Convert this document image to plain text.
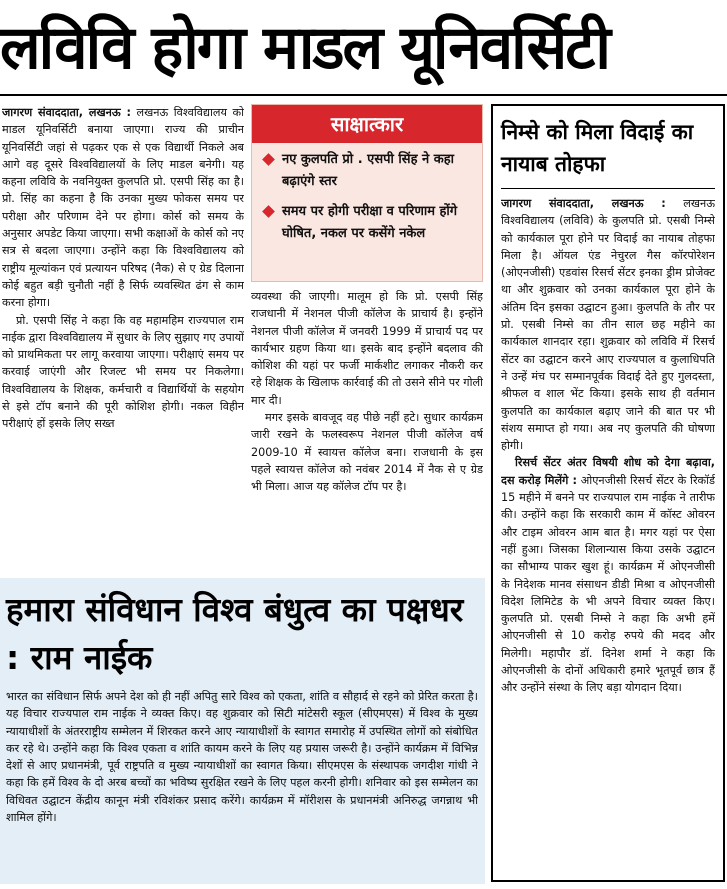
लविवि होगा माडल यूनिवर्सिटी

जागरण संवाददाता, लखनऊ : लखनऊ विश्वविद्यालय को माडल यूनिवर्सिटी बनाया जाएगा। राज्य की प्राचीन यूनिवर्सिटी जहां से पढ़कर एक से एक विद्यार्थी निकले अब आगे वह दूसरे विश्वविद्यालयों के लिए माडल बनेगी। यह कहना लविवि के नवनियुक्त कुलपति प्रो. एसपी सिंह का है। प्रो. सिंह का कहना है कि उनका मुख्य फोकस समय पर परीक्षा और परिणाम देने पर होगा। कोर्स को समय के अनुसार अपडेट किया जाएगा। सभी कक्षाओं के कोर्स को नए सत्र से बदला जाएगा। उन्होंने कहा कि विश्वविद्यालय को राष्ट्रीय मूल्यांकन एवं प्रत्यायन परिषद (नैक) से ए ग्रेड दिलाना कोई बहुत बड़ी चुनौती नहीं है सिर्फ व्यवस्थित ढंग से काम करना होगा।

प्रो. एसपी सिंह ने कहा कि वह महामहिम राज्यपाल राम नाईक द्वारा विश्वविद्यालय में सुधार के लिए सुझाए गए उपायों को प्राथमिकता पर लागू करवाया जाएगा। परीक्षाएं समय पर करवाई जाएंगी और रिजल्ट भी समय पर निकलेगा। विश्वविद्यालय के शिक्षक, कर्मचारी व विद्यार्थियों के सहयोग से इसे टॉप बनाने की पूरी कोशिश होगी। नकल विहीन परीक्षाएं हों इसके लिए सख्त

साक्षात्कार
नए कुलपति प्रो . एसपी सिंह ने कहा बढ़ाएंगे स्तर
समय पर होगी परीक्षा व परिणाम होंगे घोषित, नकल पर कसेंगे नकेल

व्यवस्था की जाएगी। मालूम हो कि प्रो. एसपी सिंह राजधानी में नेशनल पीजी कॉलेज के प्राचार्य है। इन्होंने नेशनल पीजी कॉलेज में जनवरी 1999 में प्राचार्य पद पर कार्यभार ग्रहण किया था। इसके बाद इन्होंने बदलाव की कोशिश की यहां पर फर्जी मार्कशीट लगाकर नौकरी कर रहे शिक्षक के खिलाफ कार्रवाई की तो उसने सीने पर गोली मार दी।

मगर इसके बावजूद वह पीछे नहीं हटे। सुधार कार्यक्रम जारी रखने के फलस्वरूप नेशनल पीजी कॉलेज वर्ष 2009-10 में स्वायत्त कॉलेज बना। राजधानी के इस पहले स्वायत्त कॉलेज को नवंबर 2014 में नैक से ए ग्रेड भी मिला। आज यह कॉलेज टॉप पर है।

निम्से को मिला विदाई का नायाब तोहफा

जागरण संवाददाता, लखनऊ : लखनऊ विश्वविद्यालय (लविवि) के कुलपति प्रो. एसबी निम्से को कार्यकाल पूरा होने पर विदाई का नायाब तोहफा मिला है। ऑयल एंड नेचुरल गैस कॉरपोरेशन (ओएनजीसी) एडवांस रिसर्च सेंटर इनका ड्रीम प्रोजेक्ट था और शुक्रवार को उनका कार्यकाल पूरा होने के अंतिम दिन इसका उद्घाटन हुआ। कुलपति के तौर पर प्रो. एसबी निम्से का तीन साल छह महीने का कार्यकाल शानदार रहा। शुक्रवार को लविवि में रिसर्च सेंटर का उद्घाटन करने आए राज्यपाल व कुलाधिपति ने उन्हें मंच पर सम्मानपूर्वक विदाई देते हुए गुलदस्ता, श्रीफल व शाल भेंट किया। इसके साथ ही वर्तमान कुलपति का कार्यकाल बढ़ाए जाने की बात पर भी संशय समाप्त हो गया। अब नए कुलपति की घोषणा होगी।

रिसर्च सेंटर अंतर विषयी शोध को देगा बढ़ावा, दस करोड़ मिलेंगे : ओएनजीसी रिसर्च सेंटर के रिकॉर्ड 15 महीने में बनने पर राज्यपाल राम नाईक ने तारीफ की। उन्होंने कहा कि सरकारी काम में कॉस्ट ओवरन और टाइम ओवरन आम बात है। मगर यहां पर ऐसा नहीं हुआ। जिसका शिलान्यास किया उसके उद्घाटन का सौभाग्य पाकर खुश हूं। कार्यक्रम में ओएनजीसी के निदेशक मानव संसाधन डीडी मिश्रा व ओएनजीसी विदेश लिमिटेड के भी अपने विचार व्यक्त किए। कुलपति प्रो. एसबी निम्से ने कहा कि अभी हमें ओएनजीसी से 10 करोड़ रुपये की मदद और मिलेगी। महापौर डॉ. दिनेश शर्मा ने कहा कि ओएनजीसी के दोनों अधिकारी हमारे भूतपूर्व छात्र हैं और उन्होंने संस्था के लिए बड़ा योगदान दिया।

हमारा संविधान विश्व बंधुत्व का पक्षधर : राम नाईक

भारत का संविधान सिर्फ अपने देश को ही नहीं अपितु सारे विश्व को एकता, शांति व सौहार्द से रहने को प्रेरित करता है। यह विचार राज्यपाल राम नाईक ने व्यक्त किए। वह शुक्रवार को सिटी मांटेसरी स्कूल (सीएमएस) में विश्व के मुख्य न्यायाधीशों के अंतरराष्ट्रीय सम्मेलन में शिरकत करने आए न्यायाधीशों के स्वागत समारोह में उपस्थित लोगों को संबोधित कर रहे थे। उन्होंने कहा कि विश्व एकता व शांति कायम करने के लिए यह प्रयास जरूरी है। उन्होंने कार्यक्रम में विभिन्न देशों से आए प्रधानमंत्री, पूर्व राष्ट्रपति व मुख्य न्यायाधीशों का स्वागत किया। सीएमएस के संस्थापक जगदीश गांधी ने कहा कि हमें विश्व के दो अरब बच्चों का भविष्य सुरक्षित रखने के लिए पहल करनी होगी। शनिवार को इस सम्मेलन का विधिवत उद्घाटन केंद्रीय कानून मंत्री रविशंकर प्रसाद करेंगे। कार्यक्रम में मॉरीशस के प्रधानमंत्री अनिरुद्ध जगन्नाथ भी शामिल होंगे।
